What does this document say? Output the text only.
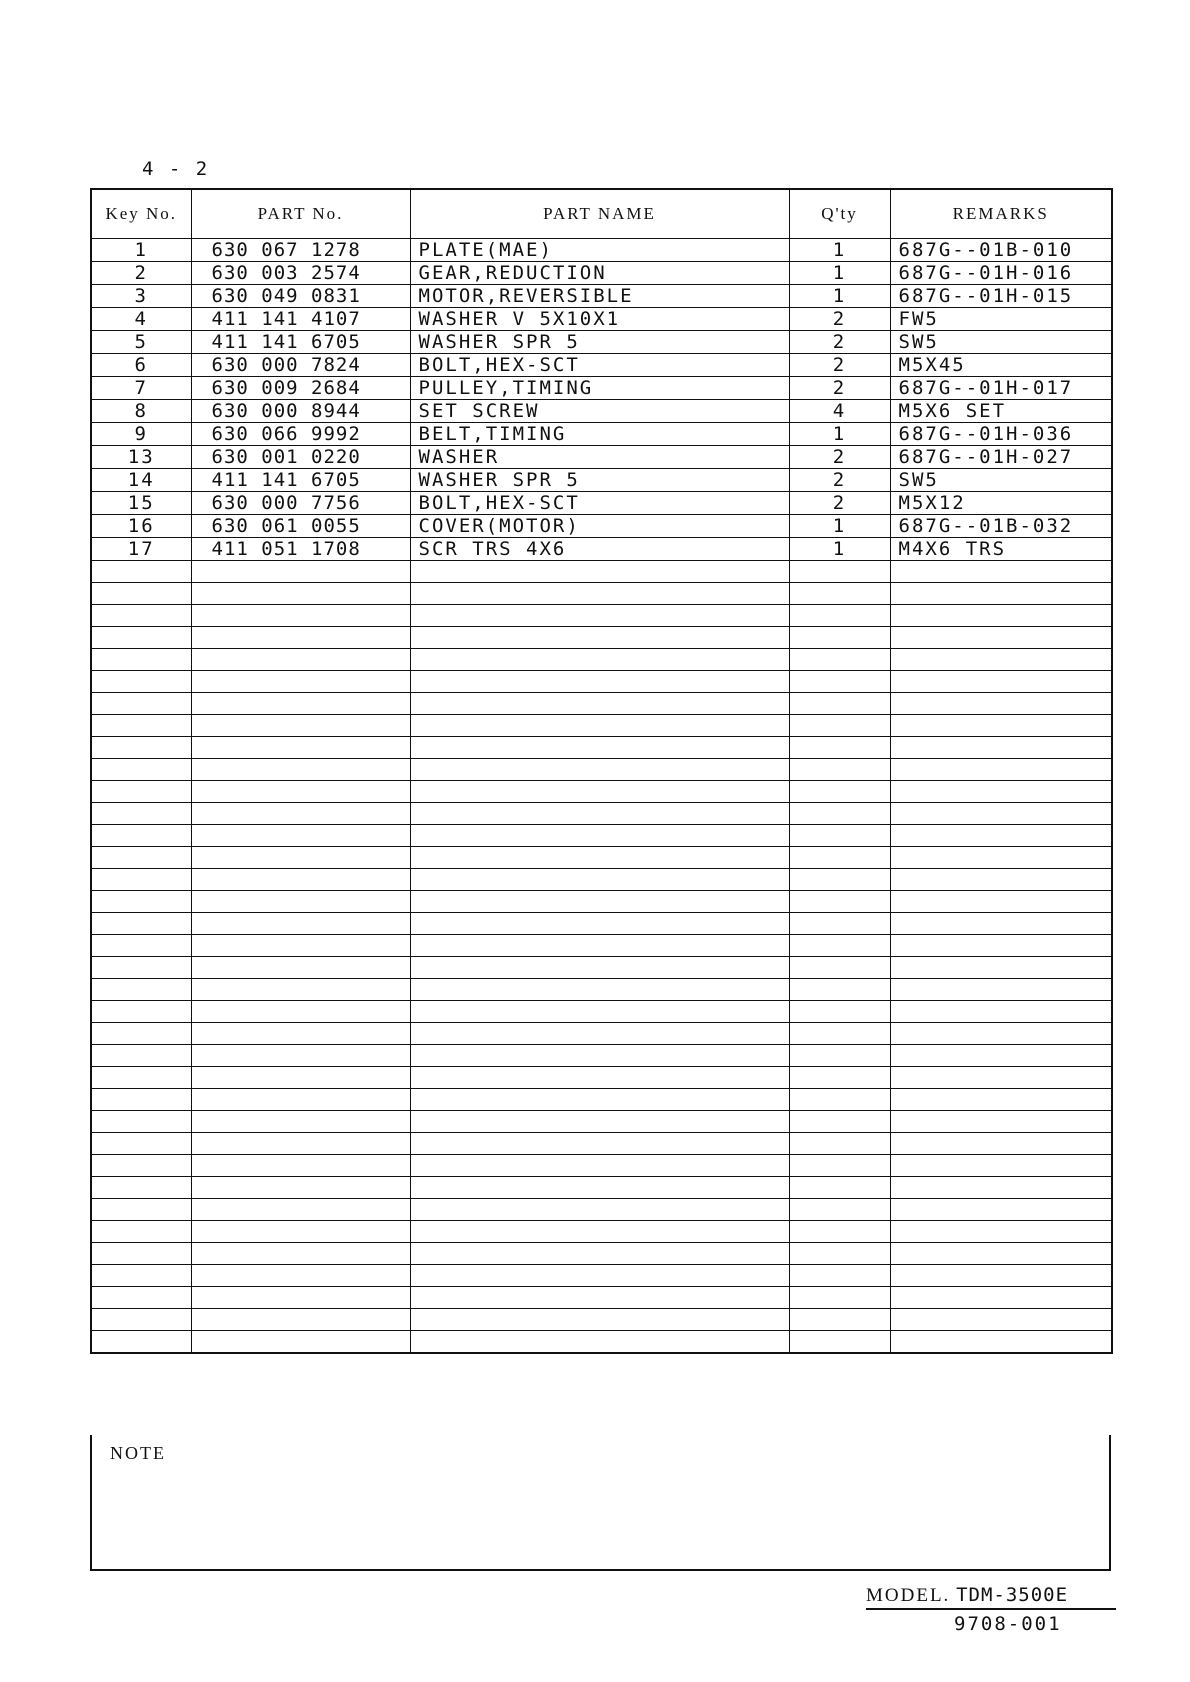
4 - 2
Key No.	PART No.	PART NAME	Q'ty	REMARKS
1	630 067 1278	PLATE(MAE)	1	687G--01B-010
2	630 003 2574	GEAR,REDUCTION	1	687G--01H-016
3	630 049 0831	MOTOR,REVERSIBLE	1	687G--01H-015
4	411 141 4107	WASHER V 5X10X1	2	FW5
5	411 141 6705	WASHER SPR 5	2	SW5
6	630 000 7824	BOLT,HEX-SCT	2	M5X45
7	630 009 2684	PULLEY,TIMING	2	687G--01H-017
8	630 000 8944	SET SCREW	4	M5X6 SET
9	630 066 9992	BELT,TIMING	1	687G--01H-036
13	630 001 0220	WASHER	2	687G--01H-027
14	411 141 6705	WASHER SPR 5	2	SW5
15	630 000 7756	BOLT,HEX-SCT	2	M5X12
16	630 061 0055	COVER(MOTOR)	1	687G--01B-032
17	411 051 1708	SCR TRS 4X6	1	M4X6 TRS

NOTE
MODEL. TDM-3500E
9708-001
